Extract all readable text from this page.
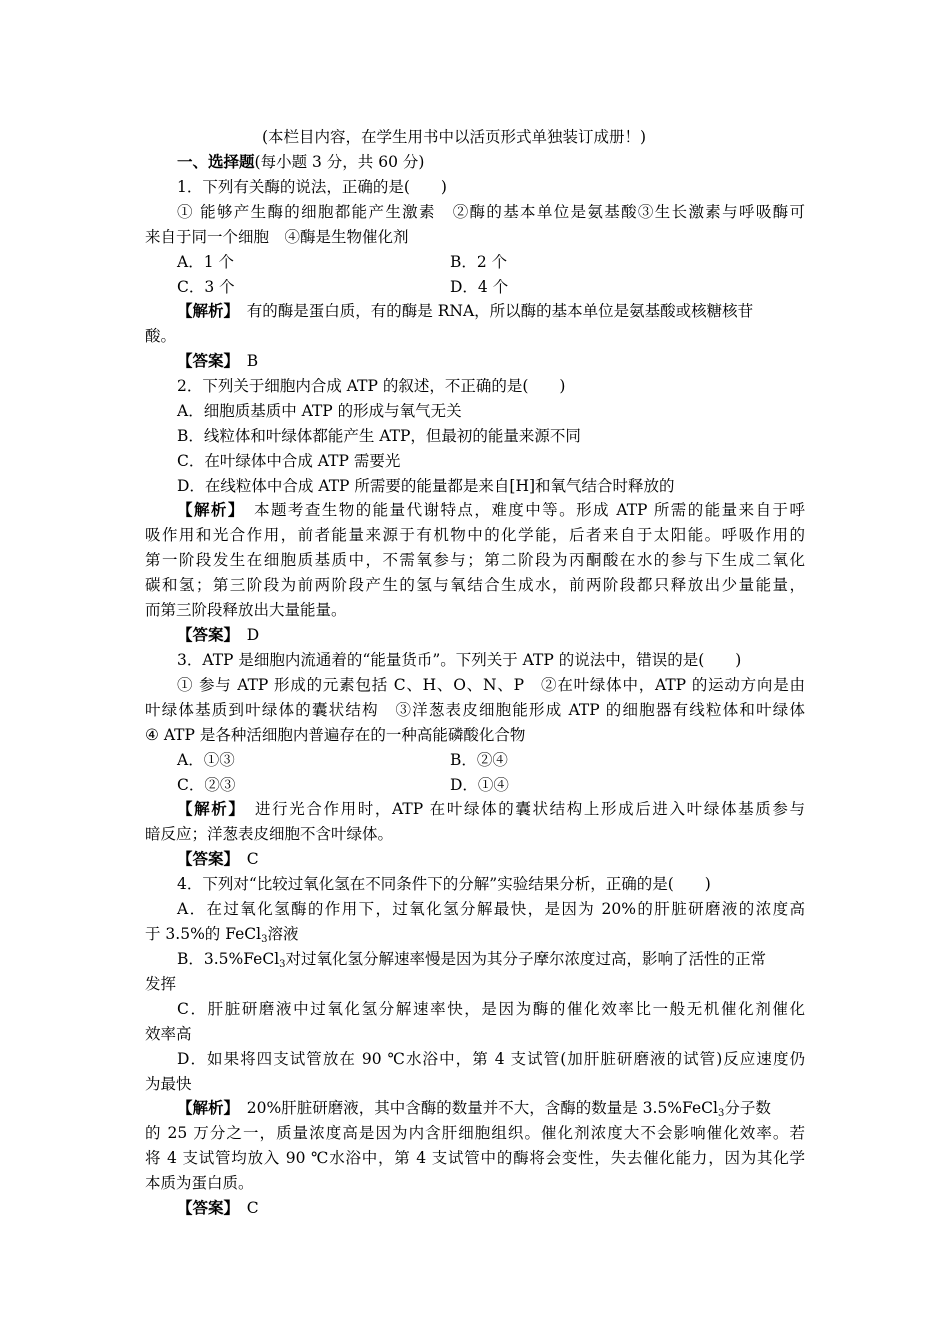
(本栏目内容，在学生用书中以活页形式单独装订成册！)
一、选择题(每小题 3 分，共 60 分)
1．下列有关酶的说法，正确的是(　　)
① 能够产生酶的细胞都能产生激素　②酶的基本单位是氨基酸③生长激素与呼吸酶可
来自于同一个细胞　④酶是生物催化剂
A．1 个	B．2 个
C．3 个	D．4 个
【解析】　 有的酶是蛋白质，有的酶是 RNA，所以酶的基本单位是氨基酸或核糖核苷
酸。
【答案】　 B
2．下列关于细胞内合成 ATP 的叙述，不正确的是(　　)
A．细胞质基质中 ATP 的形成与氧气无关
B．线粒体和叶绿体都能产生 ATP，但最初的能量来源不同
C．在叶绿体中合成 ATP 需要光
D．在线粒体中合成 ATP 所需要的能量都是来自[H]和氧气结合时释放的
【解析】　 本题考查生物的能量代谢特点，难度中等。形成 ATP 所需的能量来自于呼
吸作用和光合作用，前者能量来源于有机物中的化学能，后者来自于太阳能。呼吸作用的
第一阶段发生在细胞质基质中，不需氧参与；第二阶段为丙酮酸在水的参与下生成二氧化
碳和氢；第三阶段为前两阶段产生的氢与氧结合生成水，前两阶段都只释放出少量能量，
而第三阶段释放出大量能量。
【答案】　 D
3．ATP 是细胞内流通着的“能量货币”。下列关于 ATP 的说法中，错误的是(　　)
① 参与 ATP 形成的元素包括 C、H、O、N、P　②在叶绿体中，ATP 的运动方向是由
叶绿体基质到叶绿体的囊状结构　③洋葱表皮细胞能形成 ATP 的细胞器有线粒体和叶绿体
④ ATP 是各种活细胞内普遍存在的一种高能磷酸化合物
A．①③	B．②④
C．②③	D．①④
【解析】　 进行光合作用时，ATP 在叶绿体的囊状结构上形成后进入叶绿体基质参与
暗反应；洋葱表皮细胞不含叶绿体。
【答案】　 C
4．下列对“比较过氧化氢在不同条件下的分解”实验结果分析，正确的是(　　)
A．在过氧化氢酶的作用下，过氧化氢分解最快，是因为 20%的肝脏研磨液的浓度高
于 3.5%的 FeCl$_3$溶液
B．3.5%FeCl$_3$对过氧化氢分解速率慢是因为其分子摩尔浓度过高，影响了活性的正常
发挥
C．肝脏研磨液中过氧化氢分解速率快，是因为酶的催化效率比一般无机催化剂催化
效率高
D．如果将四支试管放在 90 ℃水浴中，第 4 支试管(加肝脏研磨液的试管)反应速度仍
为最快
【解析】　 20%肝脏研磨液，其中含酶的数量并不大，含酶的数量是 3.5%FeCl$_3$分子数
的 25 万分之一，质量浓度高是因为内含肝细胞组织。催化剂浓度大不会影响催化效率。若
将 4 支试管均放入 90 ℃水浴中，第 4 支试管中的酶将会变性，失去催化能力，因为其化学
本质为蛋白质。
【答案】　 C
